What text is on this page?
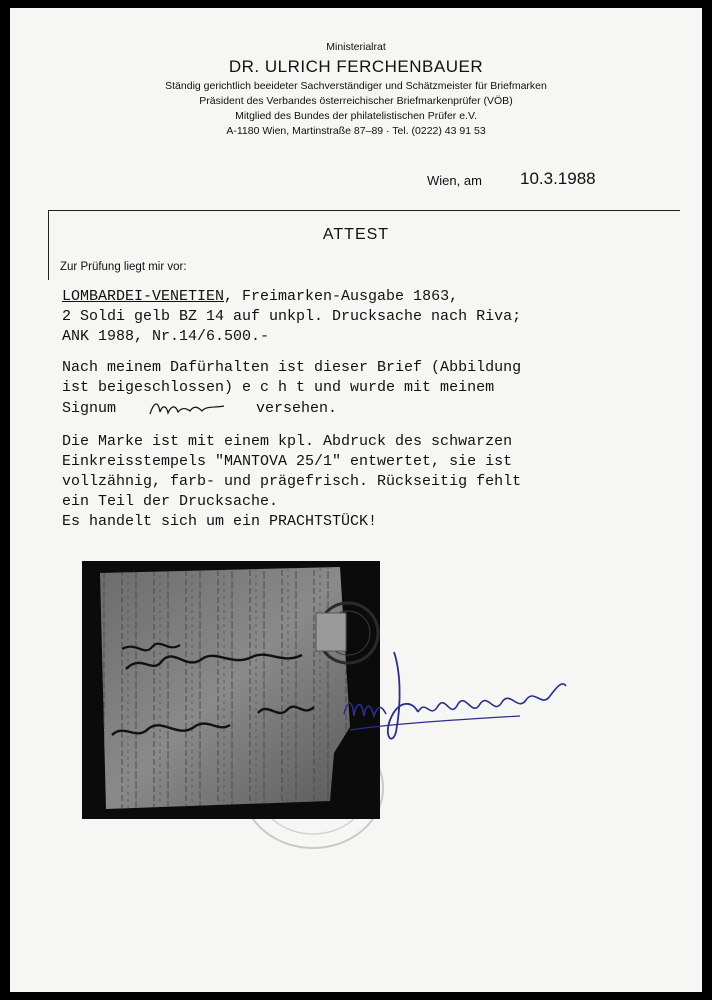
Ministerialrat
DR. ULRICH FERCHENBAUER
Ständig gerichtlich beeideter Sachverständiger und Schätzmeister für Briefmarken
Präsident des Verbandes österreichischer Briefmarkenprüfer (VÖB)
Mitglied des Bundes der philatelistischen Prüfer e.V.
A-1180 Wien, Martinstraße 87–89 · Tel. (0222) 43 91 53
Wien, am 10.3.1988
ATTEST
Zur Prüfung liegt mir vor:
LOMBARDEI-VENETIEN, Freimarken-Ausgabe 1863,
2 Soldi gelb BZ 14 auf unkpl. Drucksache nach Riva;
ANK 1988, Nr.14/6.500.-
Nach meinem Dafürhalten ist dieser Brief (Abbildung
ist beigeschlossen) e c h t und wurde mit meinem
Signum	versehen.
Die Marke ist mit einem kpl. Abdruck des schwarzen
Einkreisstempels "MANTOVA 25/1" entwertet, sie ist
vollzähnig, farb- und prägefrisch. Rückseitig fehlt
ein Teil der Drucksache.
Es handelt sich um ein PRACHTSTÜCK!
